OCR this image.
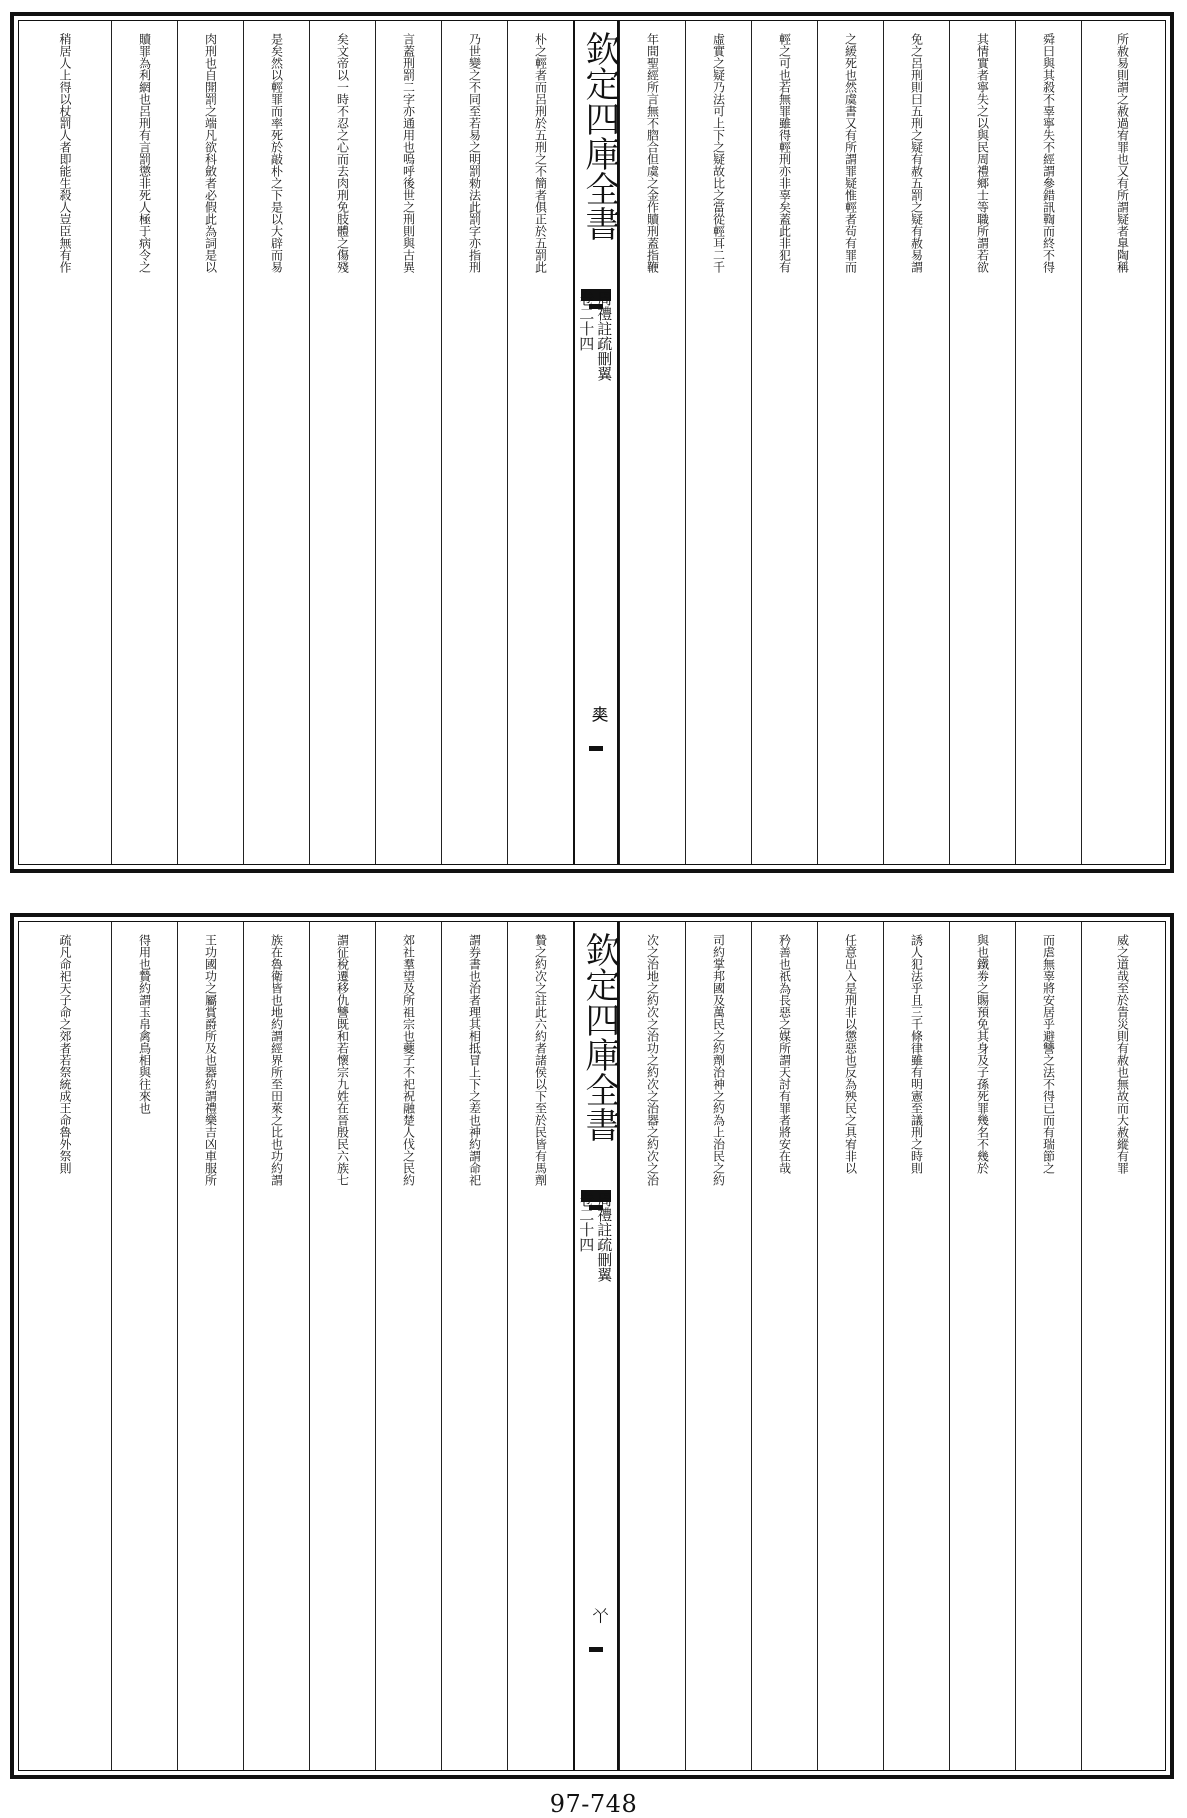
所赦易則謂之赦過宥罪也又有所謂疑者臯陶稱
舜曰與其殺不辜寧失不經謂參錯訊鞫而終不得
其情實者寧失之以與民周禮鄉士等職所謂若欲
免之呂刑則曰五刑之疑有赦五罰之疑有赦易謂
之緩死也然虞書又有所謂罪疑惟輕者茍有罪而
輕之可也若無罪雖得輕刑亦非辜矣蓋此非犯有
虛實之疑乃法可上下之疑故比之當從輕耳二千
年間聖經所言無不脗合但虞之金作贖刑蓋指鞭
欽定四庫全書
周禮註疏刪翼
卷二十四
𠁊
朴之輕者而呂刑於五刑之不簡者俱正於五罰此
乃世變之不同至若易之明罰勑法此罰字亦指刑
言蓋刑罰二字亦通用也嗚呼後世之刑則與古異
矣文帝以一時不忍之心而去肉刑免肢體之傷殘
是矣然以輕罪而率死於敲朴之下是以大辟而易
肉刑也自開罰之端凡欲科斂者必假此為詞是以
贖罪為利網也呂刑有言罰懲非死人極于病令之
稍居人上得以杖罰人者即能生殺人豈臣無有作
威之道哉至於眚災則有赦也無故而大赦縱有罪
而虐無辜將安居乎避讐之法不得已而有瑞節之
與也鐵劵之賜預免其身及子孫死罪幾名不幾於
誘人犯法乎且三千條律雖有明憲至議刑之時則
任意出入是刑非以懲惡也反為殃民之具宥非以
矜善也祇為長惡之媒所謂天討有罪者將安在哉
司約掌邦國及萬民之約劑治神之約為上治民之約
次之治地之約次之治功之約次之治器之約次之治
欽定四庫全書
周禮註疏刪翼
卷二十四
𠁥
贄之約次之註此六約者諸侯以下至於民皆有馬劑
謂券書也治者理其相抵冒上下之差也神約謂命祀
郊社羣望及所祖宗也夔子不祀祝融楚人伐之民約
謂征稅遷移仇讐既和若懷宗九姓在晉殷民六族七
族在魯衛皆也地約謂經界所至田萊之比也功約謂
王功國功之屬賞爵所及也器約謂禮樂吉凶車服所
得用也贄約謂玉帛禽鳥相與往來也
疏凡命祀天子命之郊者若祭統成王命魯外祭則
97-748
